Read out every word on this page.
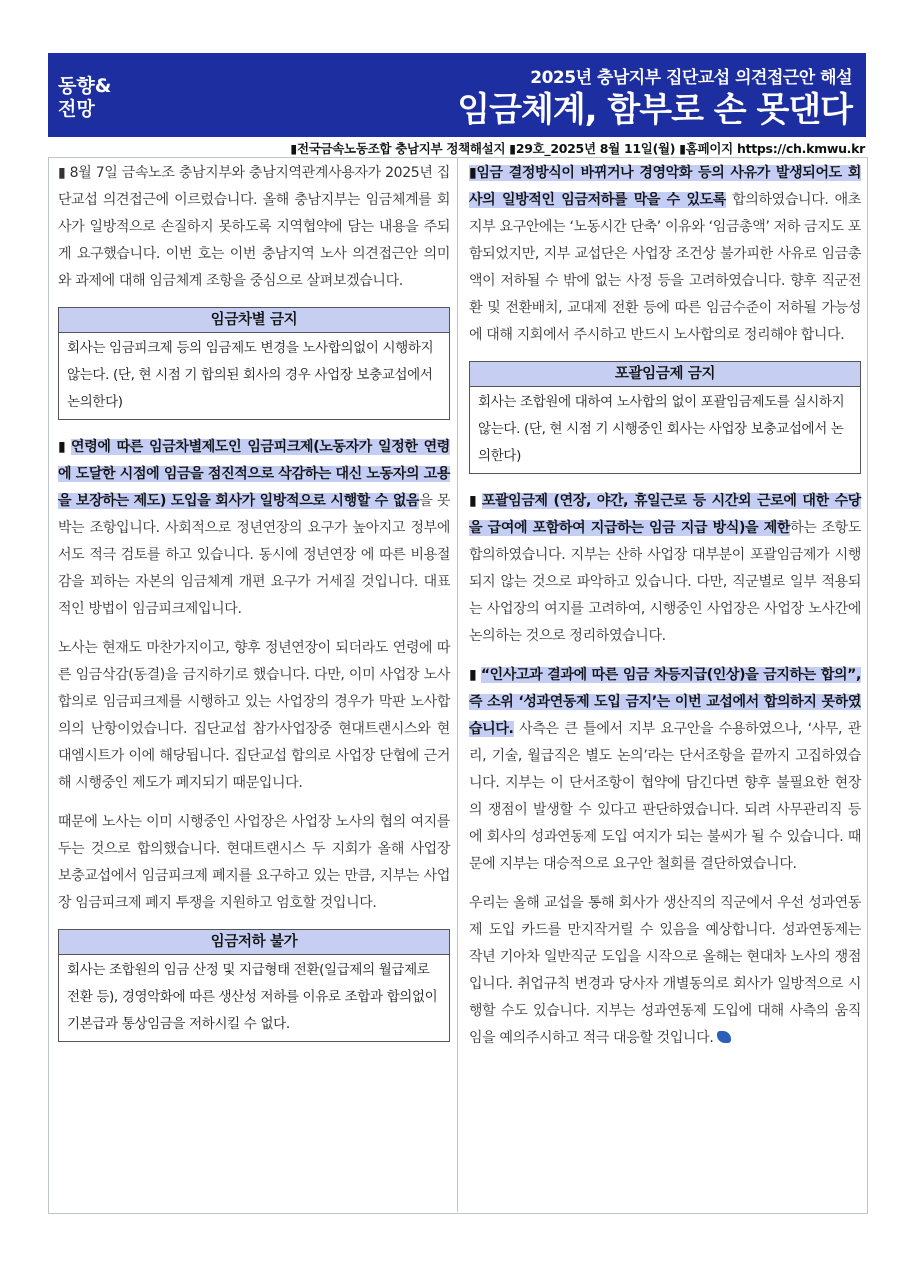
동향&
전망
2025년 충남지부 집단교섭 의견접근안 해설
임금체계, 함부로 손 못댄다
▮전국금속노동조합 충남지부 정책해설지 ▮29호_2025년 8월 11일(월) ▮홈페이지 https://ch.kmwu.kr

▮ 8월 7일 금속노조 충남지부와 충남지역관계사용자가 2025년 집단교섭 의견접근에 이르렀습니다. 올해 충남지부는 임금체계를 회사가 일방적으로 손질하지 못하도록 지역협약에 담는 내용을 주되게 요구했습니다. 이번 호는 이번 충남지역 노사 의견접근안 의미와 과제에 대해 임금체계 조항을 중심으로 살펴보겠습니다.

임금차별 금지
회사는 임금피크제 등의 임금제도 변경을 노사합의없이 시행하지 않는다. (단, 현 시점 기 합의된 회사의 경우 사업장 보충교섭에서 논의한다)

▮ 연령에 따른 임금차별제도인 임금피크제(노동자가 일정한 연령에 도달한 시점에 임금을 점진적으로 삭감하는 대신 노동자의 고용을 보장하는 제도) 도입을 회사가 일방적으로 시행할 수 없음을 못박는 조항입니다. 사회적으로 정년연장의 요구가 높아지고 정부에서도 적극 검토를 하고 있습니다. 동시에 정년연장 에 따른 비용절감을 꾀하는 자본의 임금체계 개편 요구가 거세질 것입니다. 대표적인 방법이 임금피크제입니다.

노사는 현재도 마찬가지이고, 향후 정년연장이 되더라도 연령에 따른 임금삭감(동결)을 금지하기로 했습니다. 다만, 이미 사업장 노사합의로 임금피크제를 시행하고 있는 사업장의 경우가 막판 노사합의의 난항이었습니다. 집단교섭 참가사업장중 현대트랜시스와 현대엠시트가 이에 해당됩니다. 집단교섭 합의로 사업장 단협에 근거해 시행중인 제도가 폐지되기 때문입니다.

때문에 노사는 이미 시행중인 사업장은 사업장 노사의 협의 여지를 두는 것으로 합의했습니다. 현대트랜시스 두 지회가 올해 사업장 보충교섭에서 임금피크제 폐지를 요구하고 있는 만큼, 지부는 사업장 임금피크제 폐지 투쟁을 지원하고 엄호할 것입니다.

임금저하 불가
회사는 조합원의 임금 산정 및 지급형태 전환(일급제의 월급제로 전환 등), 경영악화에 따른 생산성 저하를 이유로 조합과 합의없이 기본급과 통상임금을 저하시킬 수 없다.

▮임금 결정방식이 바뀌거나 경영악화 등의 사유가 발생되어도 회사의 일방적인 임금저하를 막을 수 있도록 합의하였습니다. 애초 지부 요구안에는 ‘노동시간 단축’ 이유와 ‘임금총액’ 저하 금지도 포함되었지만, 지부 교섭단은 사업장 조건상 불가피한 사유로 임금총액이 저하될 수 밖에 없는 사정 등을 고려하였습니다. 향후 직군전환 및 전환배치, 교대제 전환 등에 따른 임금수준이 저하될 가능성에 대해 지회에서 주시하고 반드시 노사합의로 정리해야 합니다.

포괄임금제 금지
회사는 조합원에 대하여 노사합의 없이 포괄임금제도를 실시하지 않는다. (단, 현 시점 기 시행중인 회사는 사업장 보충교섭에서 논의한다)

▮ 포괄임금제 (연장, 야간, 휴일근로 등 시간외 근로에 대한 수당을 급여에 포함하여 지급하는 임금 지급 방식)을 제한하는 조항도 합의하였습니다. 지부는 산하 사업장 대부분이 포괄임금제가 시행되지 않는 것으로 파악하고 있습니다. 다만, 직군별로 일부 적용되는 사업장의 여지를 고려하여, 시행중인 사업장은 사업장 노사간에 논의하는 것으로 정리하였습니다.

▮ “인사고과 결과에 따른 임금 차등지급(인상)을 금지하는 합의”, 즉 소위 ‘성과연동제 도입 금지’는 이번 교섭에서 합의하지 못하였습니다. 사측은 큰 틀에서 지부 요구안을 수용하였으나, ‘사무, 관리, 기술, 월급직은 별도 논의’라는 단서조항을 끝까지 고집하였습니다. 지부는 이 단서조항이 협약에 담긴다면 향후 불필요한 현장의 쟁점이 발생할 수 있다고 판단하였습니다. 되려 사무관리직 등에 회사의 성과연동제 도입 여지가 되는 불씨가 될 수 있습니다. 때문에 지부는 대승적으로 요구안 철회를 결단하였습니다.

우리는 올해 교섭을 통해 회사가 생산직의 직군에서 우선 성과연동제 도입 카드를 만지작거릴 수 있음을 예상합니다. 성과연동제는 작년 기아차 일반직군 도입을 시작으로 올해는 현대차 노사의 쟁점입니다. 취업규칙 변경과 당사자 개별동의로 회사가 일방적으로 시행할 수도 있습니다. 지부는 성과연동제 도입에 대해 사측의 움직임을 예의주시하고 적극 대응할 것입니다.
